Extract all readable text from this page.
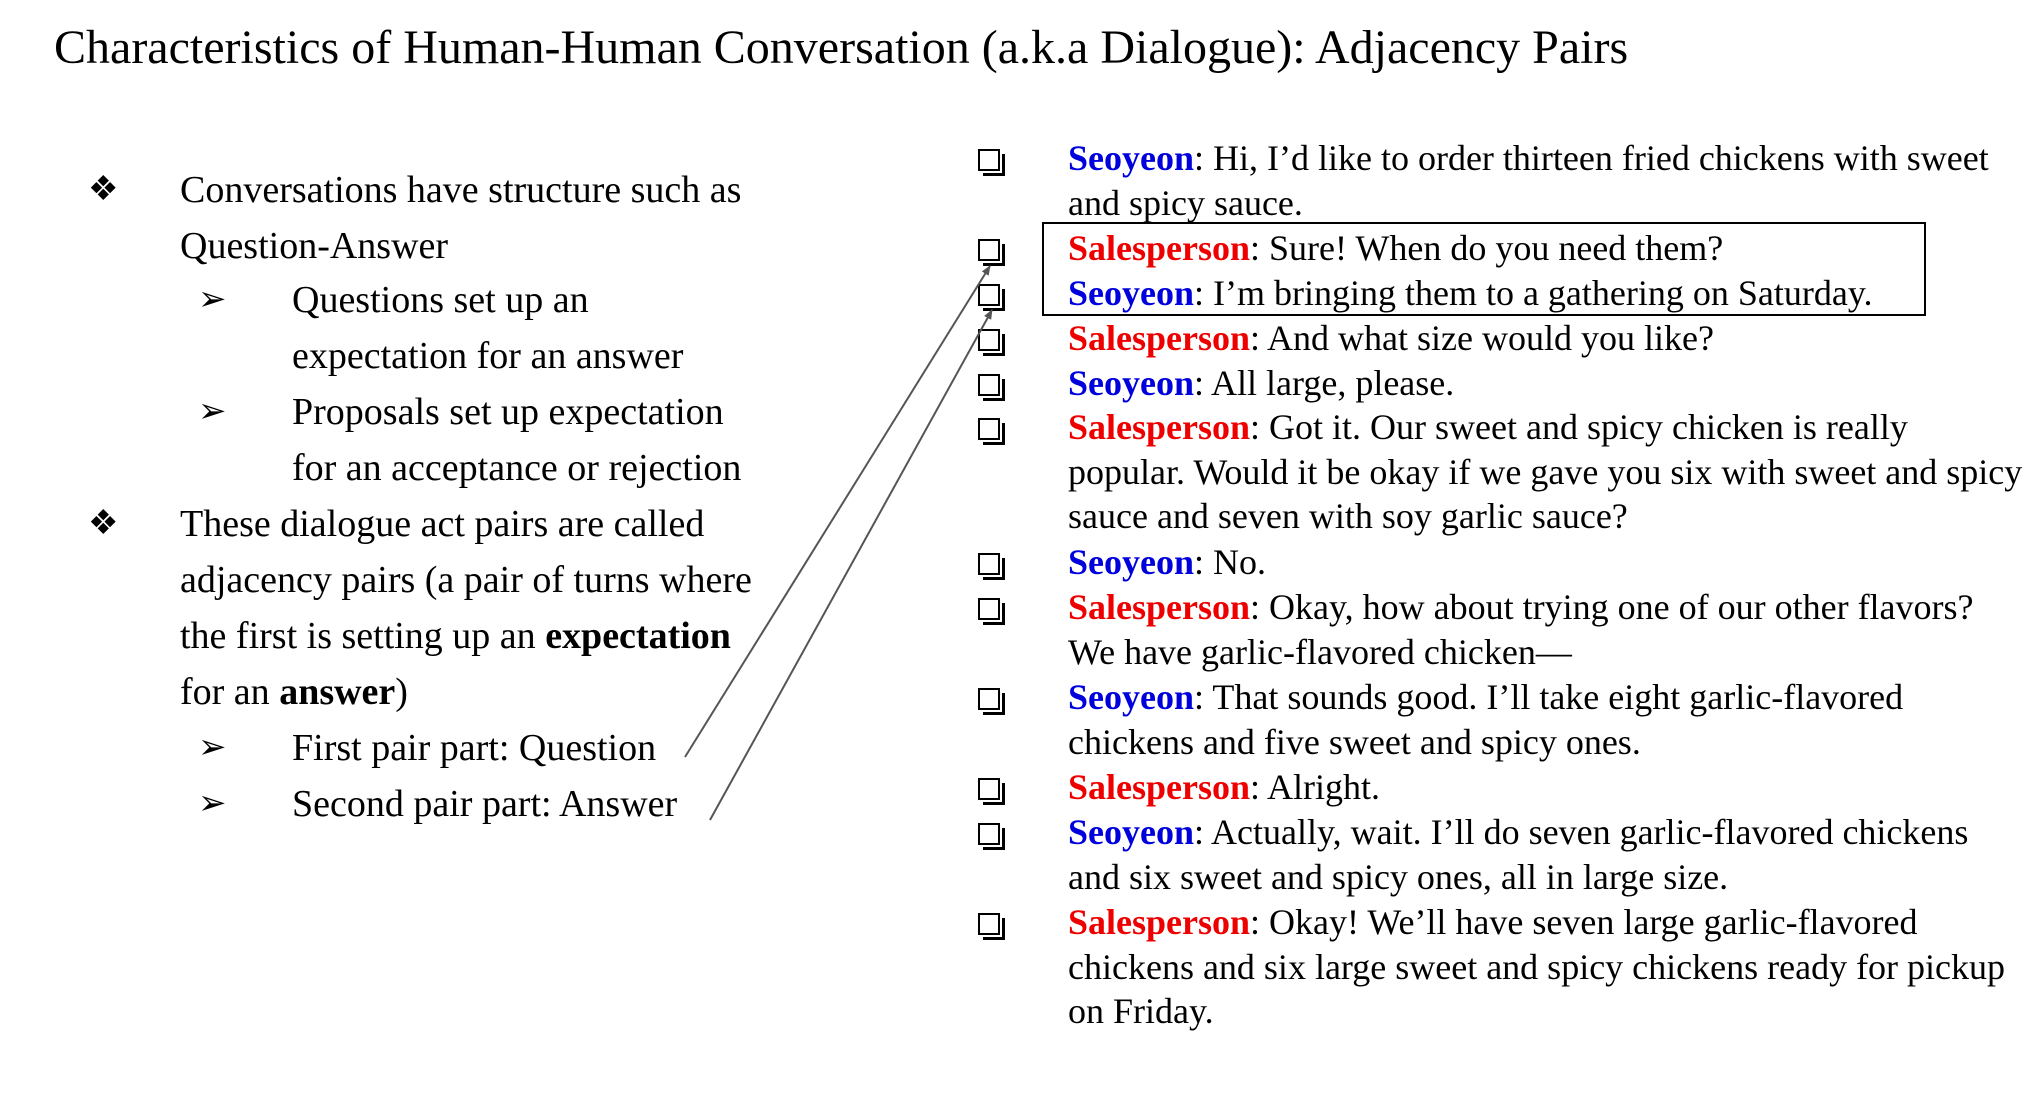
Characteristics of Human-Human Conversation (a.k.a Dialogue): Adjacency Pairs
❖ Conversations have structure such as
Question-Answer
➢ Questions set up an
expectation for an answer
➢ Proposals set up expectation
for an acceptance or rejection
❖ These dialogue act pairs are called
adjacency pairs (a pair of turns where
the first is setting up an expectation
for an answer)
➢ First pair part: Question
➢ Second pair part: Answer
Seoyeon: Hi, I’d like to order thirteen fried chickens with sweet and spicy sauce.
Salesperson: Sure! When do you need them?
Seoyeon: I’m bringing them to a gathering on Saturday.
Salesperson: And what size would you like?
Seoyeon: All large, please.
Salesperson: Got it. Our sweet and spicy chicken is really popular. Would it be okay if we gave you six with sweet and spicy sauce and seven with soy garlic sauce?
Seoyeon: No.
Salesperson: Okay, how about trying one of our other flavors? We have garlic-flavored chicken—
Seoyeon: That sounds good. I’ll take eight garlic-flavored chickens and five sweet and spicy ones.
Salesperson: Alright.
Seoyeon: Actually, wait. I’ll do seven garlic-flavored chickens and six sweet and spicy ones, all in large size.
Salesperson: Okay! We’ll have seven large garlic-flavored chickens and six large sweet and spicy chickens ready for pickup on Friday.
